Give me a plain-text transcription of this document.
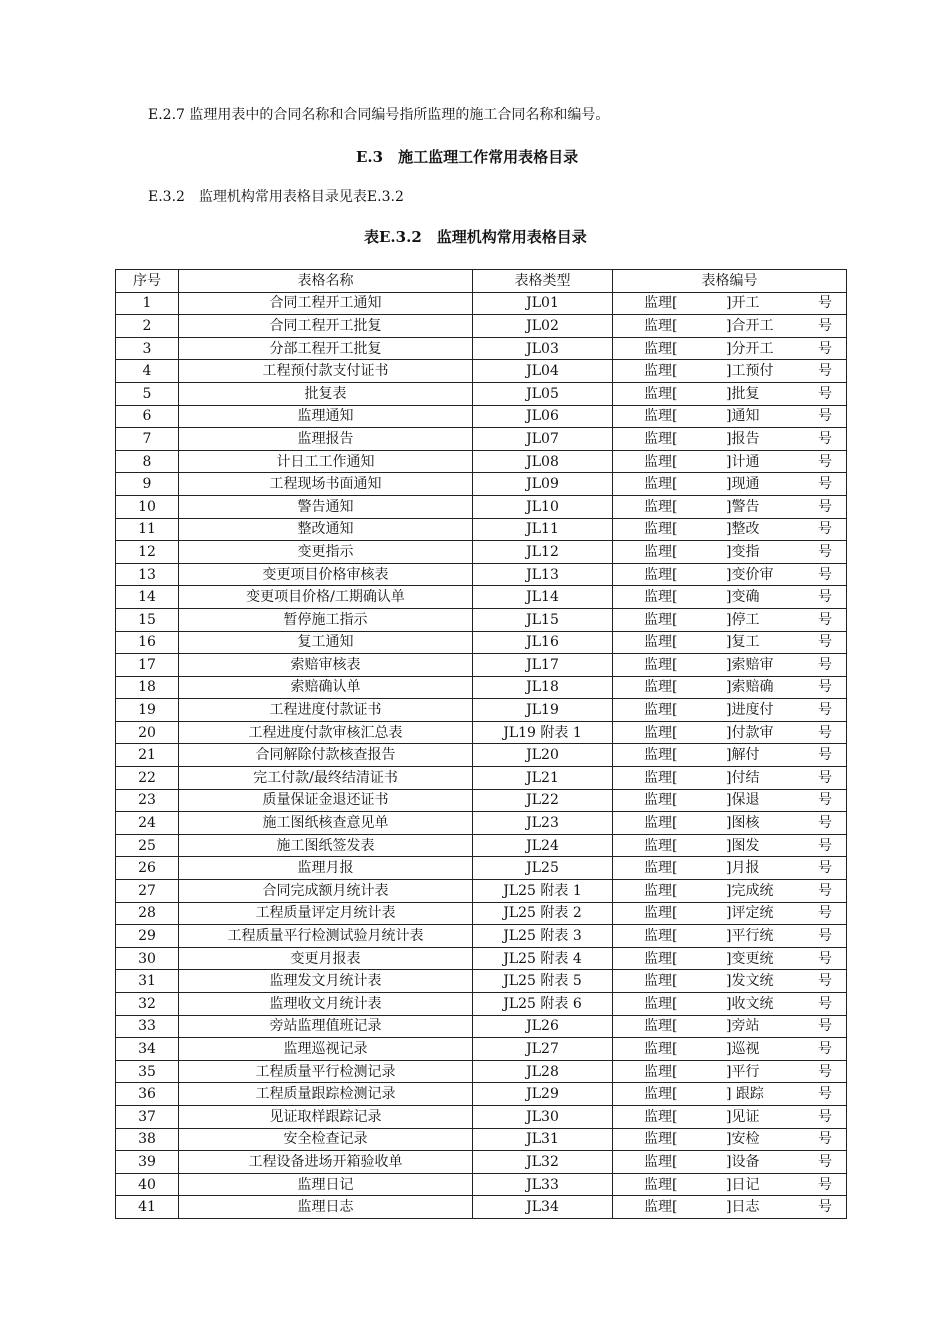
E.2.7 监理用表中的合同名称和合同编号指所监理的施工合同名称和编号。
E.3　施工监理工作常用表格目录
E.3.2　监理机构常用表格目录见表E.3.2
表E.3.2　监理机构常用表格目录
序号	表格名称	表格类型	表格编号
1	合同工程开工通知	JL01	监理[ ]开工 号
2	合同工程开工批复	JL02	监理[ ]合开工 号
3	分部工程开工批复	JL03	监理[ ]分开工 号
4	工程预付款支付证书	JL04	监理[ ]工预付 号
5	批复表	JL05	监理[ ]批复 号
6	监理通知	JL06	监理[ ]通知 号
7	监理报告	JL07	监理[ ]报告 号
8	计日工工作通知	JL08	监理[ ]计通 号
9	工程现场书面通知	JL09	监理[ ]现通 号
10	警告通知	JL10	监理[ ]警告 号
11	整改通知	JL11	监理[ ]整改 号
12	变更指示	JL12	监理[ ]变指 号
13	变更项目价格审核表	JL13	监理[ ]变价审 号
14	变更项目价格/工期确认单	JL14	监理[ ]变确 号
15	暂停施工指示	JL15	监理[ ]停工 号
16	复工通知	JL16	监理[ ]复工 号
17	索赔审核表	JL17	监理[ ]索赔审 号
18	索赔确认单	JL18	监理[ ]索赔确 号
19	工程进度付款证书	JL19	监理[ ]进度付 号
20	工程进度付款审核汇总表	JL19 附表 1	监理[ ]付款审 号
21	合同解除付款核查报告	JL20	监理[ ]解付 号
22	完工付款/最终结清证书	JL21	监理[ ]付结 号
23	质量保证金退还证书	JL22	监理[ ]保退 号
24	施工图纸核查意见单	JL23	监理[ ]图核 号
25	施工图纸签发表	JL24	监理[ ]图发 号
26	监理月报	JL25	监理[ ]月报 号
27	合同完成额月统计表	JL25 附表 1	监理[ ]完成统 号
28	工程质量评定月统计表	JL25 附表 2	监理[ ]评定统 号
29	工程质量平行检测试验月统计表	JL25 附表 3	监理[ ]平行统 号
30	变更月报表	JL25 附表 4	监理[ ]变更统 号
31	监理发文月统计表	JL25 附表 5	监理[ ]发文统 号
32	监理收文月统计表	JL25 附表 6	监理[ ]收文统 号
33	旁站监理值班记录	JL26	监理[ ]旁站 号
34	监理巡视记录	JL27	监理[ ]巡视 号
35	工程质量平行检测记录	JL28	监理[ ]平行 号
36	工程质量跟踪检测记录	JL29	监理[ ] 跟踪 号
37	见证取样跟踪记录	JL30	监理[ ]见证 号
38	安全检查记录	JL31	监理[ ]安检 号
39	工程设备进场开箱验收单	JL32	监理[ ]设备 号
40	监理日记	JL33	监理[ ]日记 号
41	监理日志	JL34	监理[ ]日志 号
